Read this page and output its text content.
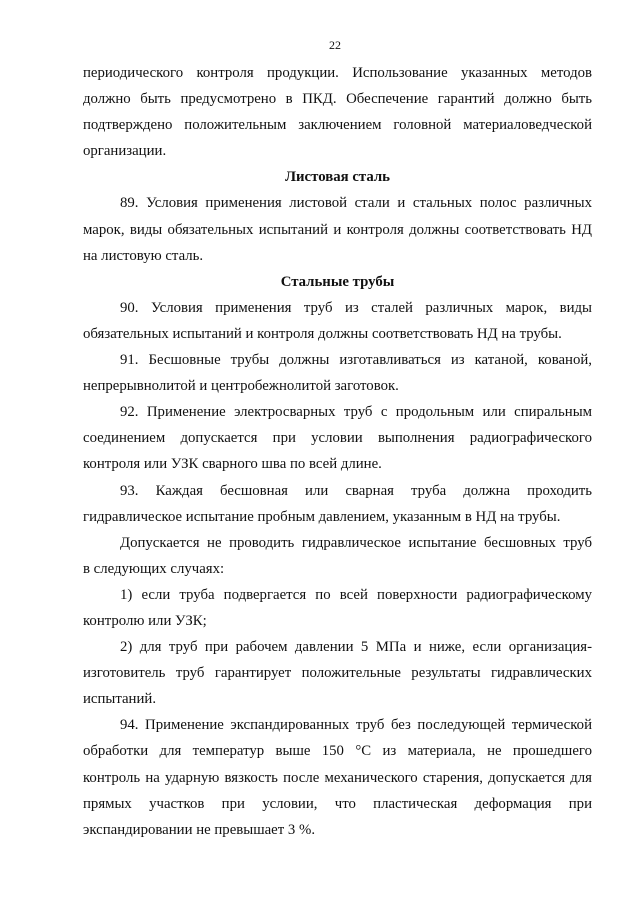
22
периодического контроля продукции. Использование указанных методов
должно быть предусмотрено в ПКД. Обеспечение гарантий должно быть
подтверждено положительным заключением головной материаловедческой
организации.
Листовая сталь
89. Условия применения листовой стали и стальных полос различных
марок, виды обязательных испытаний и контроля должны соответствовать НД
на листовую сталь.
Стальные трубы
90. Условия применения труб из сталей различных марок, виды
обязательных испытаний и контроля должны соответствовать НД на трубы.
91. Бесшовные трубы должны изготавливаться из катаной, кованой,
непрерывнолитой и центробежнолитой заготовок.
92. Применение электросварных труб с продольным или спиральным
соединением допускается при условии выполнения радиографического
контроля или УЗК сварного шва по всей длине.
93. Каждая бесшовная или сварная труба должна проходить
гидравлическое испытание пробным давлением, указанным в НД на трубы.
Допускается не проводить гидравлическое испытание бесшовных труб
в следующих случаях:
1) если труба подвергается по всей поверхности радиографическому
контролю или УЗК;
2) для труб при рабочем давлении 5 МПа и ниже, если организация-
изготовитель труб гарантирует положительные результаты гидравлических
испытаний.
94. Применение экспандированных труб без последующей термической
обработки для температур выше 150 °С из материала, не прошедшего
контроль на ударную вязкость после механического старения, допускается для
прямых участков при условии, что пластическая деформация при
экспандировании не превышает 3 %.
